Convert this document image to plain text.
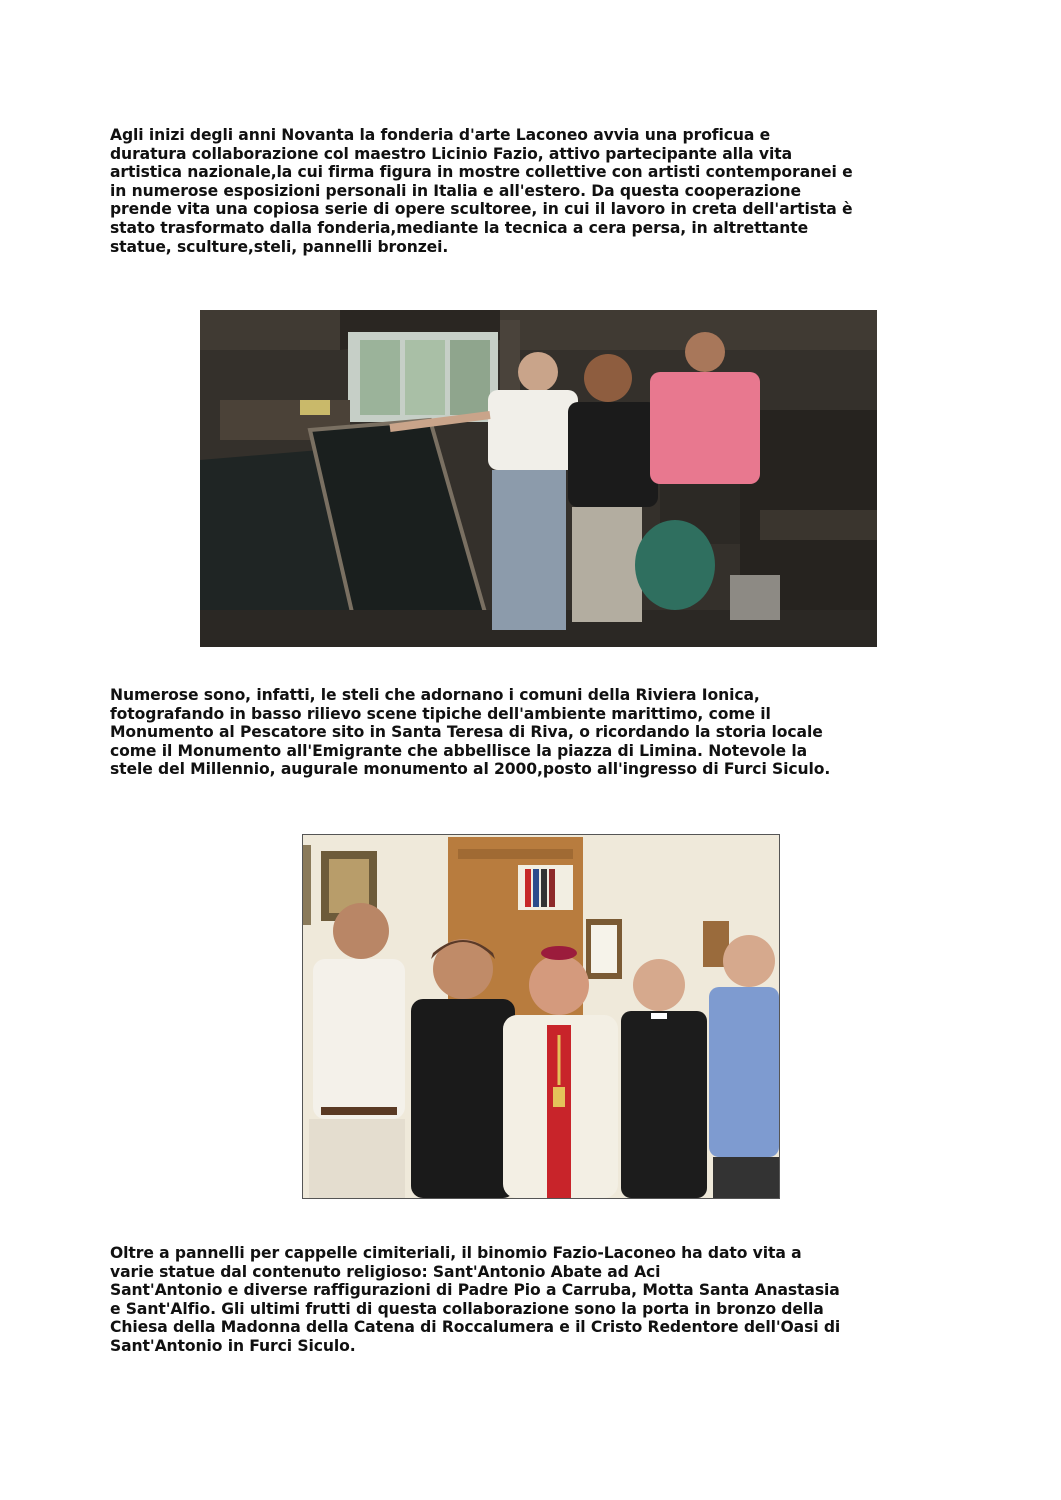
Agli inizi degli anni Novanta la fonderia d'arte Laconeo avvia una proficua e
duratura collaborazione col maestro Licinio Fazio, attivo partecipante alla vita
artistica nazionale,la cui firma figura in mostre collettive con artisti contemporanei e
in numerose esposizioni personali in Italia e all'estero. Da questa cooperazione
prende vita una copiosa serie di opere scultoree, in cui il lavoro in creta dell'artista è
stato trasformato dalla fonderia,mediante la tecnica a cera persa, in altrettante
statue, sculture,steli, pannelli bronzei.

Numerose sono, infatti, le steli che adornano i comuni della Riviera Ionica,
fotografando in basso rilievo scene tipiche dell'ambiente marittimo, come il
Monumento al Pescatore sito in Santa Teresa di Riva, o ricordando la storia locale
come il Monumento all'Emigrante che abbellisce la piazza di Limina. Notevole la
stele del Millennio, augurale monumento al 2000,posto all'ingresso di Furci Siculo.

Oltre a pannelli per cappelle cimiteriali, il binomio Fazio-Laconeo ha dato vita a
varie statue dal contenuto religioso: Sant'Antonio Abate ad Aci
Sant'Antonio e diverse raffigurazioni di Padre Pio a Carruba, Motta Santa Anastasia
e Sant'Alfio. Gli ultimi frutti di questa collaborazione sono la porta in bronzo della
Chiesa della Madonna della Catena di Roccalumera e il Cristo Redentore dell'Oasi di
Sant'Antonio in Furci Siculo.
